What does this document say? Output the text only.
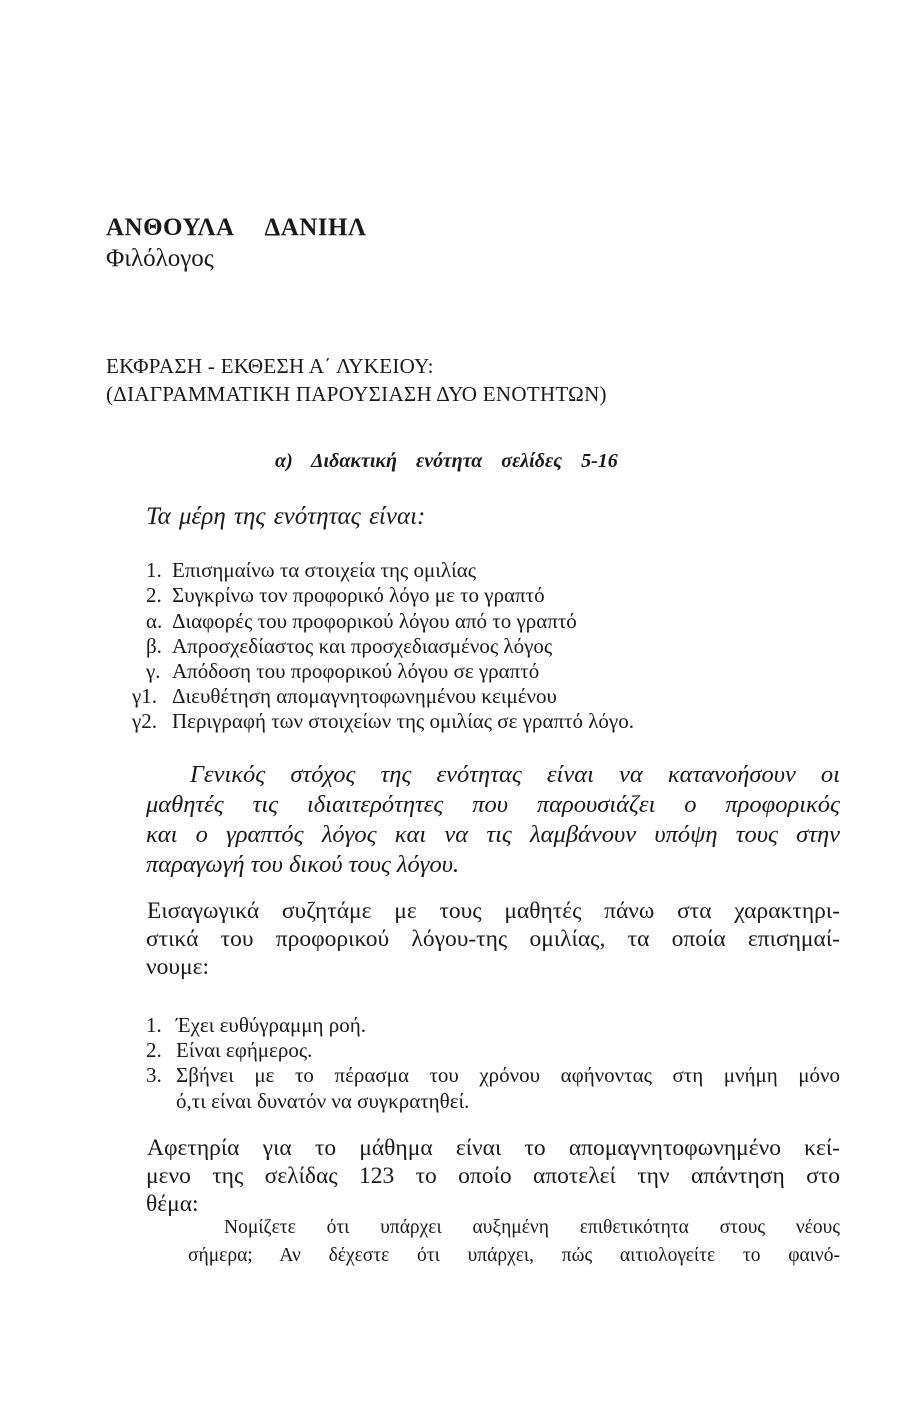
ΑΝΘΟΥΛΑ ΔΑΝΙΗΛ
Φιλόλογος
ΕΚΦΡΑΣΗ - ΕΚΘΕΣΗ Α΄ ΛΥΚΕΙΟΥ:
(ΔΙΑΓΡΑΜΜΑΤΙΚΗ ΠΑΡΟΥΣΙΑΣΗ ΔΥΟ ΕΝΟΤΗΤΩΝ)
α) Διδακτική ενότητα σελίδες 5-16
Τα μέρη της ενότητας είναι:
1. Επισημαίνω τα στοιχεία της ομιλίας
2. Συγκρίνω τον προφορικό λόγο με το γραπτό
α. Διαφορές του προφορικού λόγου από το γραπτό
β. Απροσχεδίαστος και προσχεδιασμένος λόγος
γ. Απόδοση του προφορικού λόγου σε γραπτό
γ1. Διευθέτηση απομαγνητοφωνημένου κειμένου
γ2. Περιγραφή των στοιχείων της ομιλίας σε γραπτό λόγο.
Γενικός στόχος της ενότητας είναι να κατανοήσουν οι
μαθητές τις ιδιαιτερότητες που παρουσιάζει ο προφορικός
και ο γραπτός λόγος και να τις λαμβάνουν υπόψη τους στην
παραγωγή του δικού τους λόγου.
Εισαγωγικά συζητάμε με τους μαθητές πάνω στα χαρακτηρι-
στικά του προφορικού λόγου-της ομιλίας, τα οποία επισημαί-
νουμε:
1. Έχει ευθύγραμμη ροή.
2. Είναι εφήμερος.
3. Σβήνει με το πέρασμα του χρόνου αφήνοντας στη μνήμη μόνο
ό,τι είναι δυνατόν να συγκρατηθεί.
Αφετηρία για το μάθημα είναι το απομαγνητοφωνημένο κεί-
μενο της σελίδας 123 το οποίο αποτελεί την απάντηση στο
θέμα:
Νομίζετε ότι υπάρχει αυξημένη επιθετικότητα στους νέους
σήμερα; Αν δέχεστε ότι υπάρχει, πώς αιτιολογείτε το φαινό-
